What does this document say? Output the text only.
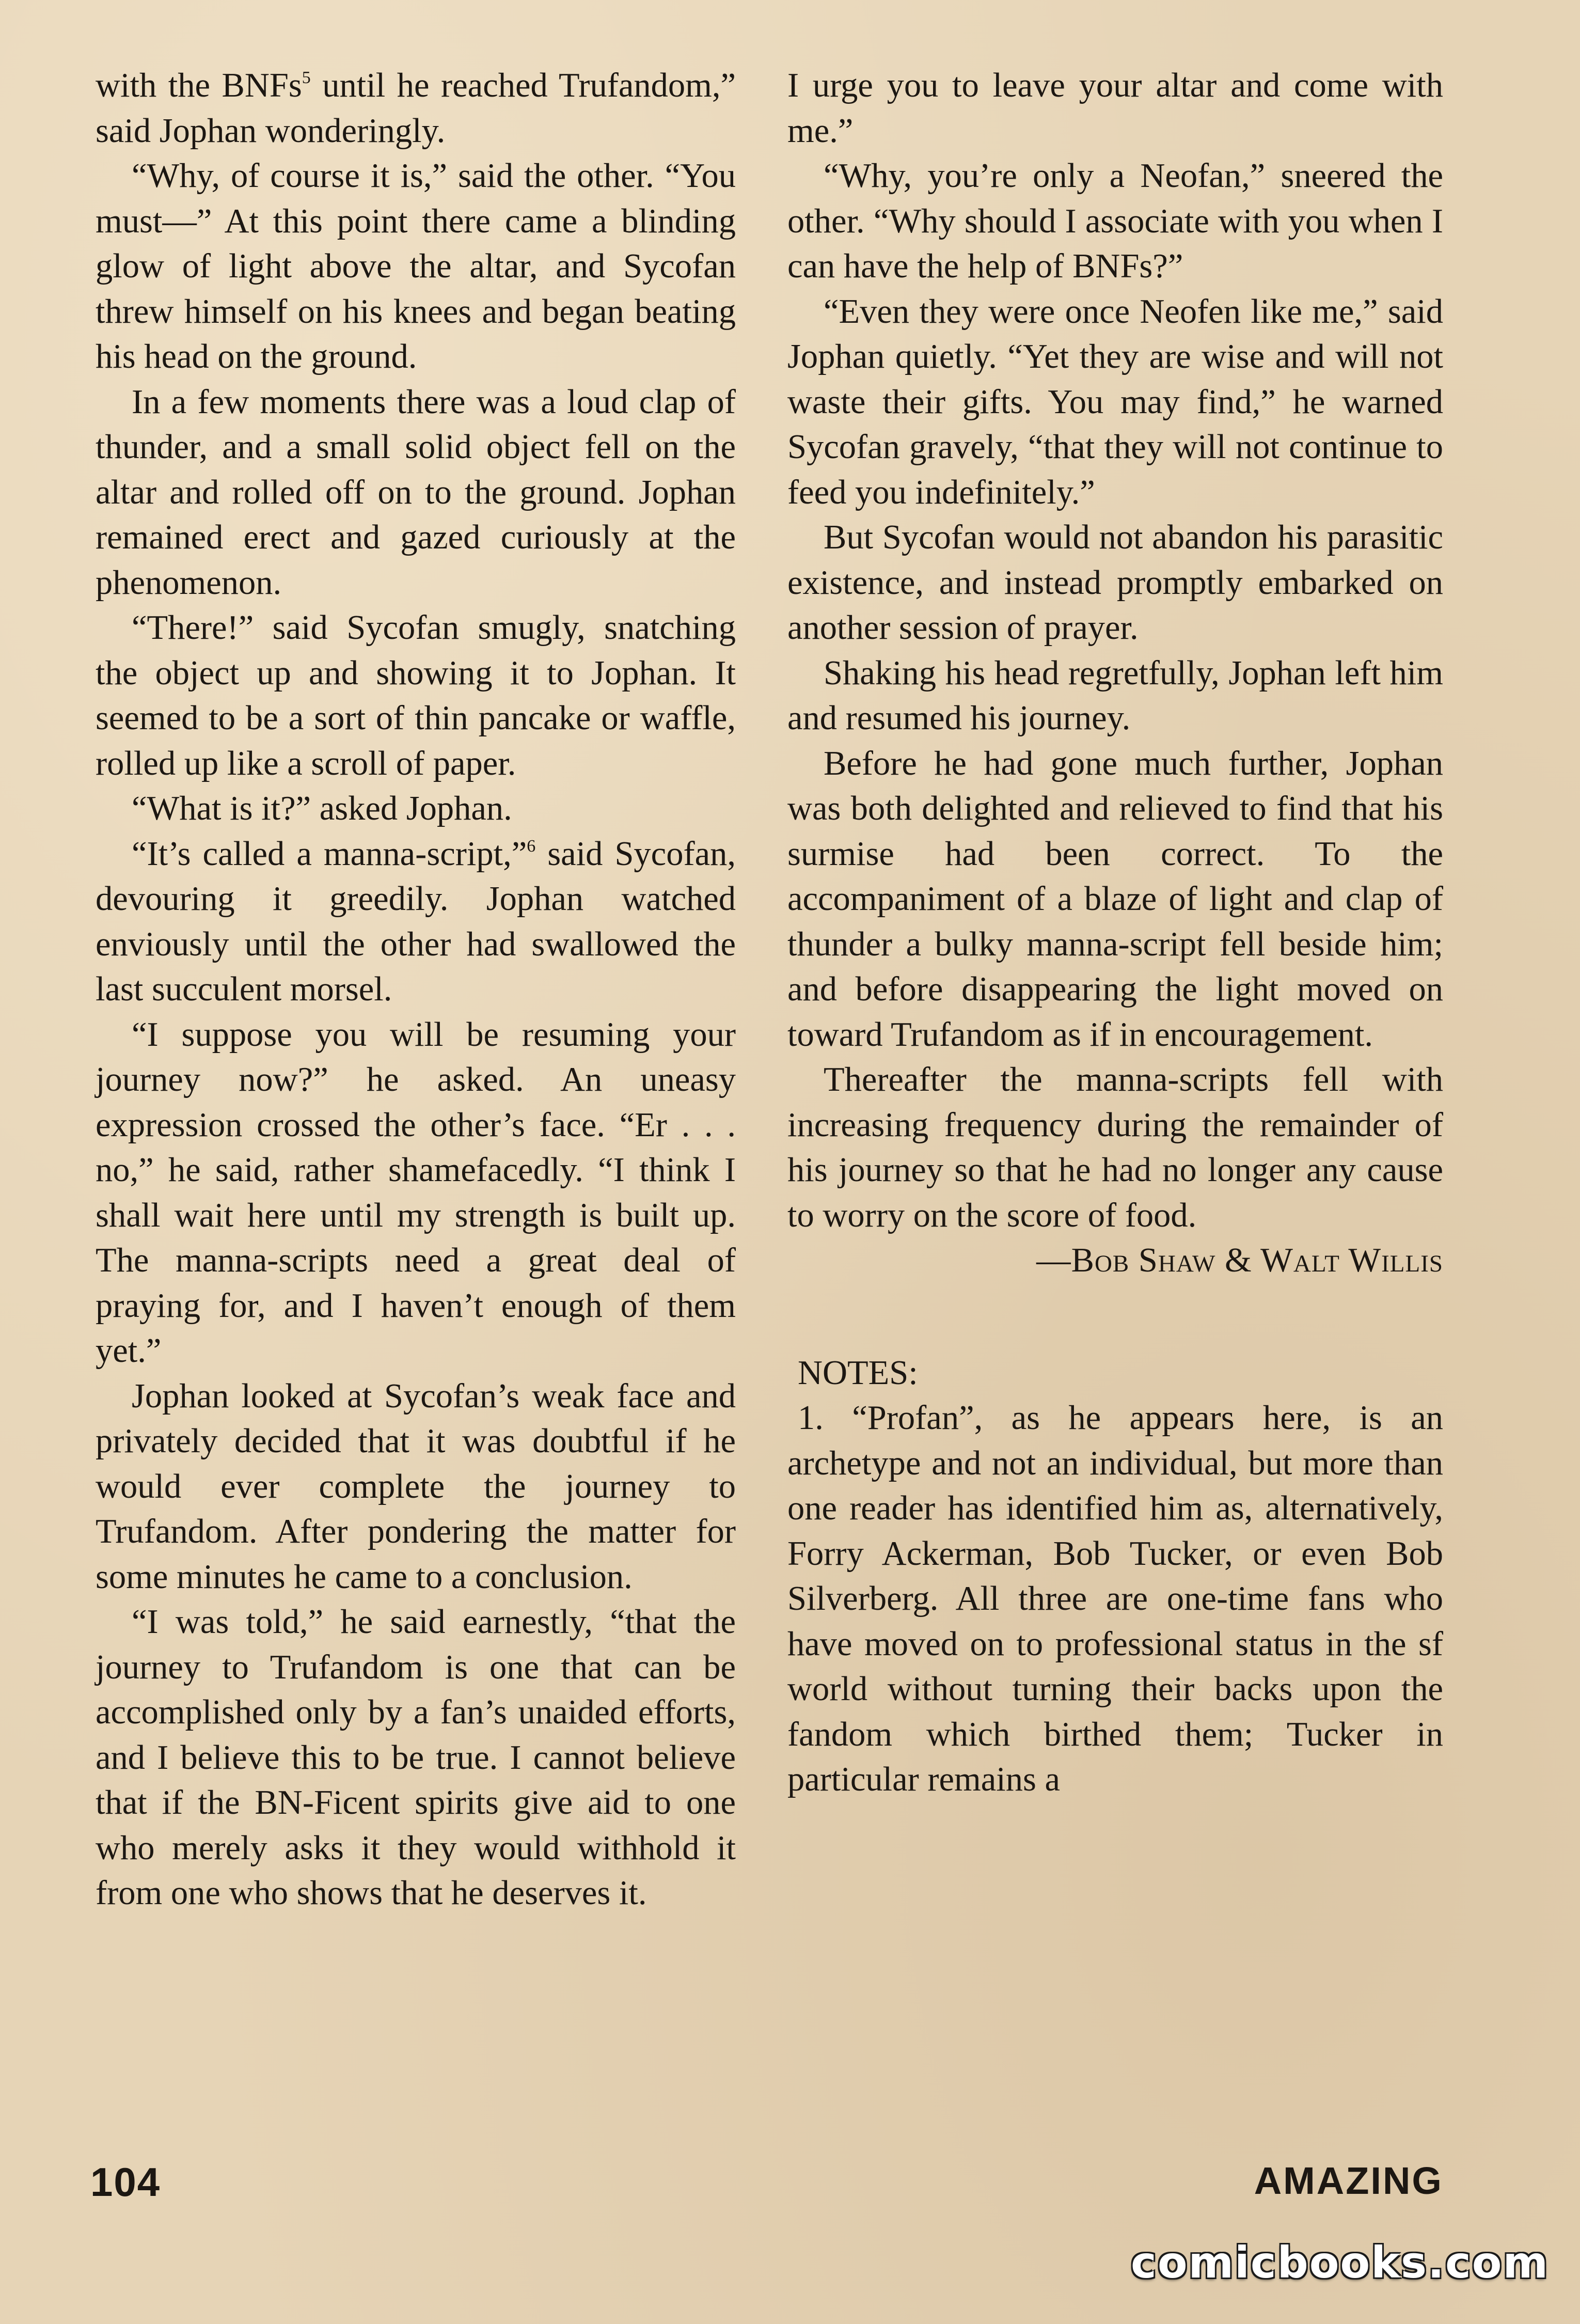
with the BNFs$^5$ until he reached Trufandom,” said Jophan wonderingly.

“Why, of course it is,” said the other. “You must—” At this point there came a blinding glow of light above the altar, and Sycofan threw himself on his knees and began beating his head on the ground.

In a few moments there was a loud clap of thunder, and a small solid object fell on the altar and rolled off on to the ground. Jophan remained erect and gazed curiously at the phenomenon.

“There!” said Sycofan smugly, snatching the object up and showing it to Jophan. It seemed to be a sort of thin pancake or waffle, rolled up like a scroll of paper.

“What is it?” asked Jophan.

“It’s called a manna-script,”$^6$ said Sycofan, devouring it greedily. Jophan watched enviously until the other had swallowed the last succulent morsel.

“I suppose you will be resuming your journey now?” he asked. An uneasy expression crossed the other’s face. “Er . . . no,” he said, rather shamefacedly. “I think I shall wait here until my strength is built up. The manna-scripts need a great deal of praying for, and I haven’t enough of them yet.”

Jophan looked at Sycofan’s weak face and privately decided that it was doubtful if he would ever complete the journey to Trufandom. After pondering the matter for some minutes he came to a conclusion.

“I was told,” he said earnestly, “that the journey to Trufandom is one that can be accomplished only by a fan’s unaided efforts, and I believe this to be true. I cannot believe that if the BN-Ficent spirits give aid to one who merely asks it they would withhold it from one who shows that he deserves it.

I urge you to leave your altar and come with me.”

“Why, you’re only a Neofan,” sneered the other. “Why should I associate with you when I can have the help of BNFs?”

“Even they were once Neofen like me,” said Jophan quietly. “Yet they are wise and will not waste their gifts. You may find,” he warned Sycofan gravely, “that they will not continue to feed you indefinitely.”

But Sycofan would not abandon his parasitic existence, and instead promptly embarked on another session of prayer.

Shaking his head regretfully, Jophan left him and resumed his journey.

Before he had gone much further, Jophan was both delighted and relieved to find that his surmise had been correct. To the accompaniment of a blaze of light and clap of thunder a bulky manna-script fell beside him; and before disappearing the light moved on toward Trufandom as if in encouragement.

Thereafter the manna-scripts fell with increasing frequency during the remainder of his journey so that he had no longer any cause to worry on the score of food.

—Bob Shaw & Walt Willis

NOTES:

1. “Profan”, as he appears here, is an archetype and not an individual, but more than one reader has identified him as, alternatively, Forry Ackerman, Bob Tucker, or even Bob Silverberg. All three are one-time fans who have moved on to professional status in the sf world without turning their backs upon the fandom which birthed them; Tucker in particular remains a

104	AMAZING
comicbooks.com
